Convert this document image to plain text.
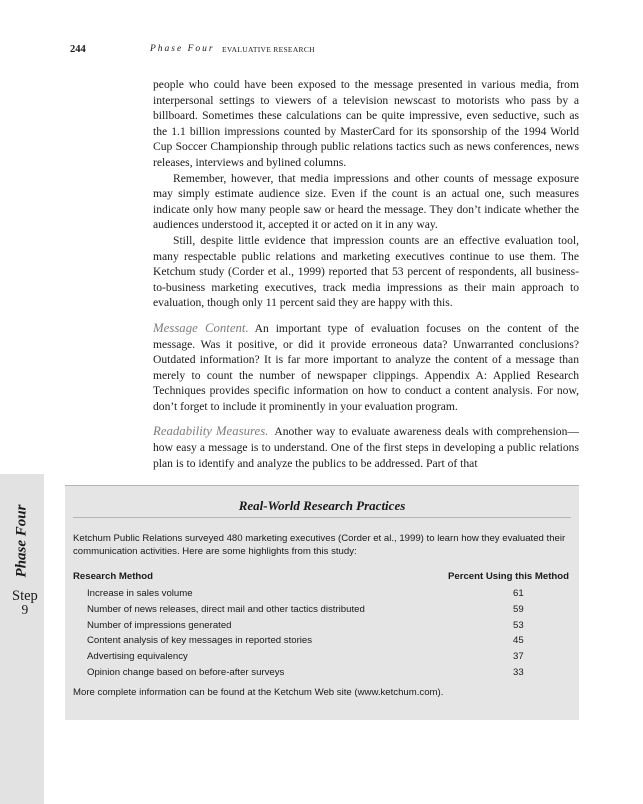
244	Phase Four EVALUATIVE RESEARCH

people who could have been exposed to the message presented in various media, from interpersonal settings to viewers of a television newscast to motorists who pass by a billboard. Sometimes these calculations can be quite impressive, even seductive, such as the 1.1 billion impressions counted by MasterCard for its sponsorship of the 1994 World Cup Soccer Championship through public relations tactics such as news conferences, news releases, interviews and bylined columns.

Remember, however, that media impressions and other counts of message exposure may simply estimate audience size. Even if the count is an actual one, such measures indicate only how many people saw or heard the message. They don’t indicate whether the audiences understood it, accepted it or acted on it in any way.

Still, despite little evidence that impression counts are an effective evaluation tool, many respectable public relations and marketing executives continue to use them. The Ketchum study (Corder et al., 1999) reported that 53 percent of respondents, all business-to-business marketing executives, track media impressions as their main approach to evaluation, though only 11 percent said they are happy with this.

Message Content. An important type of evaluation focuses on the content of the message. Was it positive, or did it provide erroneous data? Unwarranted conclusions? Outdated information? It is far more important to analyze the content of a message than merely to count the number of newspaper clippings. Appendix A: Applied Research Techniques provides specific information on how to conduct a content analysis. For now, don’t forget to include it prominently in your evaluation program.

Readability Measures. Another way to evaluate awareness deals with comprehension—how easy a message is to understand. One of the first steps in developing a public relations plan is to identify and analyze the publics to be addressed. Part of that

Phase Four
Step
9
Real-World Research Practices
Ketchum Public Relations surveyed 480 marketing executives (Corder et al., 1999) to learn how they evaluated their communication activities. Here are some highlights from this study:
Research Method	Percent Using this Method
Increase in sales volume	61
Number of news releases, direct mail and other tactics distributed	59
Number of impressions generated	53
Content analysis of key messages in reported stories	45
Advertising equivalency	37
Opinion change based on before-after surveys	33
More complete information can be found at the Ketchum Web site (www.ketchum.com).
